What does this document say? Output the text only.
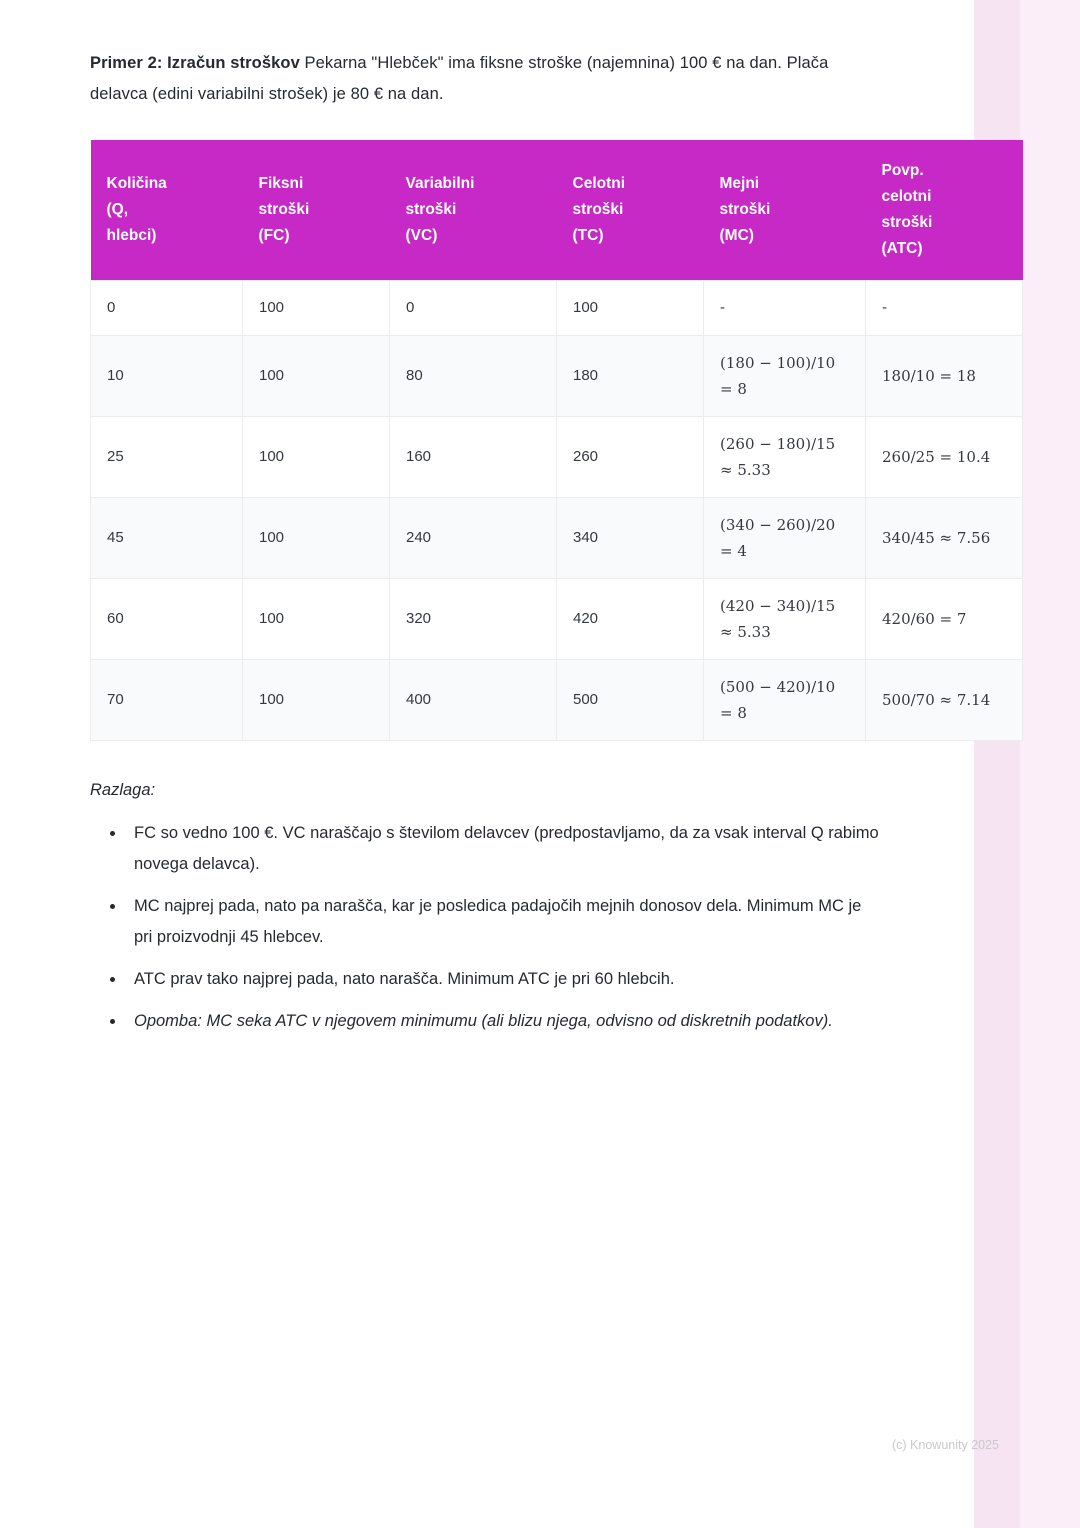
Primer 2: Izračun stroškov Pekarna "Hlebček" ima fiksne stroške (najemnina) 100 € na dan. Plača delavca (edini variabilni strošek) je 80 € na dan.

Količina
(Q,
hlebci)	Fiksni
stroški
(FC)	Variabilni
stroški
(VC)	Celotni
stroški
(TC)	Mejni
stroški
(MC)	Povp.
celotni
stroški
(ATC)

0	100	0	100	-	-
10	100	80	180	(180 − 100)/10 = 8	180/10 = 18
25	100	160	260	(260 − 180)/15 ≈ 5.33	260/25 = 10.4
45	100	240	340	(340 − 260)/20 = 4	340/45 ≈ 7.56
60	100	320	420	(420 − 340)/15 ≈ 5.33	420/60 = 7
70	100	400	500	(500 − 420)/10 = 8	500/70 ≈ 7.14
Razlaga:
• FC so vedno 100 €. VC naraščajo s številom delavcev (predpostavljamo, da za vsak interval Q rabimo novega delavca).
• MC najprej pada, nato pa narašča, kar je posledica padajočih mejnih donosov dela. Minimum MC je pri proizvodnji 45 hlebcev.
• ATC prav tako najprej pada, nato narašča. Minimum ATC je pri 60 hlebcih.
• Opomba: MC seka ATC v njegovem minimumu (ali blizu njega, odvisno od diskretnih podatkov).
(c) Knowunity 2025
